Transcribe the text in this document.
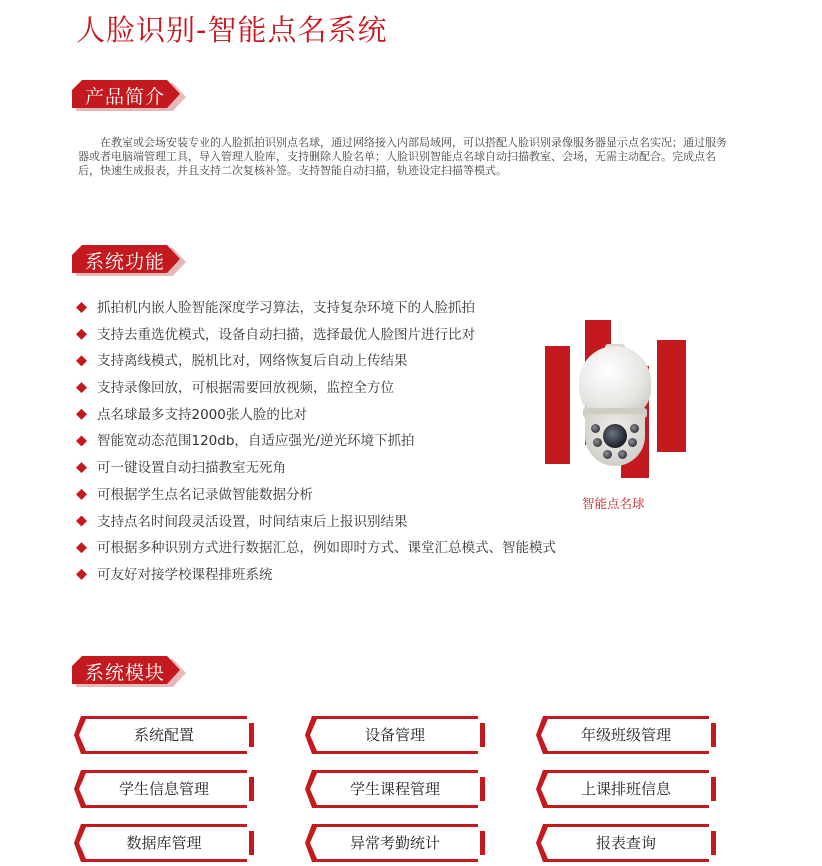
人脸识别-智能点名系统
产品简介

在教室或会场安装专业的人脸抓拍识别点名球，通过网络接入内部局域网，可以搭配人脸识别录像服务器显示点名实况；通过服务器或者电脑端管理工具，导入管理人脸库，支持删除人脸名单；人脸识别智能点名球自动扫描教室、会场，无需主动配合。完成点名后，快速生成报表，并且支持二次复核补签。支持智能自动扫描，轨迹设定扫描等模式。

系统功能
抓拍机内嵌人脸智能深度学习算法，支持复杂环境下的人脸抓拍
支持去重选优模式，设备自动扫描，选择最优人脸图片进行比对
支持离线模式，脱机比对，网络恢复后自动上传结果
支持录像回放，可根据需要回放视频，监控全方位
点名球最多支持2000张人脸的比对
智能宽动态范围120db，自适应强光/逆光环境下抓拍
可一键设置自动扫描教室无死角
可根据学生点名记录做智能数据分析
支持点名时间段灵活设置，时间结束后上报识别结果
可根据多种识别方式进行数据汇总，例如即时方式、课堂汇总模式、智能模式
可友好对接学校课程排班系统
智能点名球
系统模块
系统配置	设备管理	年级班级管理
学生信息管理	学生课程管理	上课排班信息
数据库管理	异常考勤统计	报表查询
